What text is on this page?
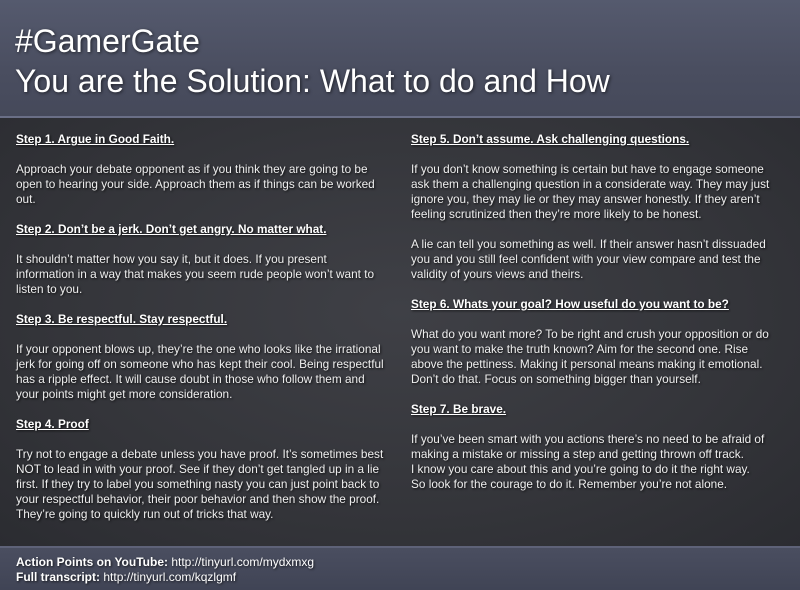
#GamerGate
You are the Solution: What to do and How
Step 1. Argue in Good Faith.
Approach your debate opponent as if you think they are going to be open to hearing your side. Approach them as if things can be worked out.
Step 2. Don’t be a jerk. Don’t get angry. No matter what.
It shouldn’t matter how you say it, but it does. If you present information in a way that makes you seem rude people won’t want to listen to you.
Step 3. Be respectful. Stay respectful.
If your opponent blows up, they’re the one who looks like the irrational jerk for going off on someone who has kept their cool. Being respectful has a ripple effect. It will cause doubt in those who follow them and your points might get more consideration.
Step 4. Proof
Try not to engage a debate unless you have proof. It’s sometimes best NOT to lead in with your proof. See if they don’t get tangled up in a lie first. If they try to label you something nasty you can just point back to your respectful behavior, their poor behavior and then show the proof. They’re going to quickly run out of tricks that way.
Step 5. Don’t assume. Ask challenging questions.
If you don’t know something is certain but have to engage someone ask them a challenging question in a considerate way. They may just ignore you, they may lie or they may answer honestly. If they aren’t feeling scrutinized then they’re more likely to be honest.
A lie can tell you something as well. If their answer hasn’t dissuaded you and you still feel confident with your view compare and test the validity of yours views and theirs.
Step 6. Whats your goal? How useful do you want to be?
What do you want more? To be right and crush your opposition or do you want to make the truth known? Aim for the second one. Rise above the pettiness. Making it personal means making it emotional. Don’t do that. Focus on something bigger than yourself.
Step 7. Be brave.
If you’ve been smart with you actions there’s no need to be afraid of making a mistake or missing a step and getting thrown off track.
I know you care about this and you’re going to do it the right way.
So look for the courage to do it. Remember you’re not alone.
Action Points on YouTube: http://tinyurl.com/mydxmxg
Full transcript: http://tinyurl.com/kqzlgmf
